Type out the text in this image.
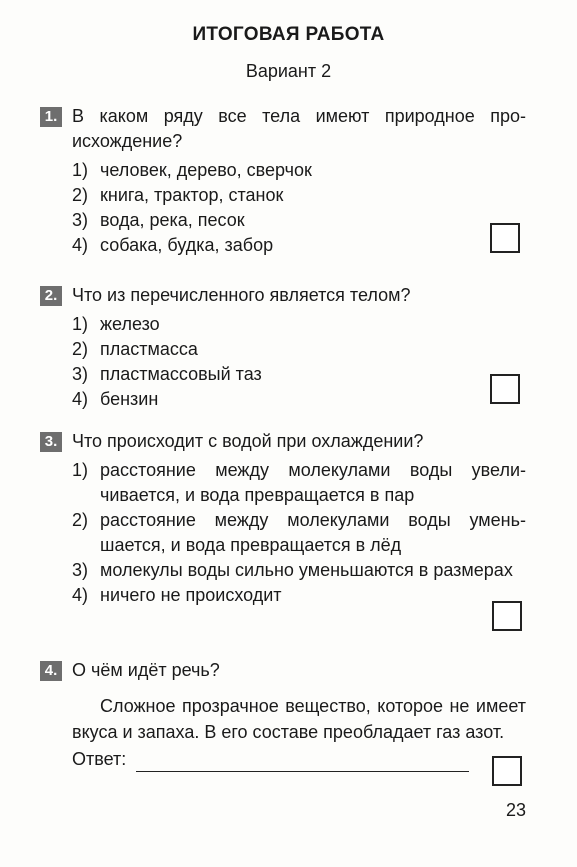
ИТОГОВАЯ РАБОТА
Вариант 2
1. В каком ряду все тела имеют природное происхождение?
1) человек, дерево, сверчок
2) книга, трактор, станок
3) вода, река, песок
4) собака, будка, забор
2. Что из перечисленного является телом?
1) железо
2) пластмасса
3) пластмассовый таз
4) бензин
3. Что происходит с водой при охлаждении?
1) расстояние между молекулами воды увеличивается, и вода превращается в пар
2) расстояние между молекулами воды уменьшается, и вода превращается в лёд
3) молекулы воды сильно уменьшаются в размерах
4) ничего не происходит
4. О чём идёт речь?
Сложное прозрачное вещество, которое не имеет вкуса и запаха. В его составе преобладает газ азот.
Ответ:
23
